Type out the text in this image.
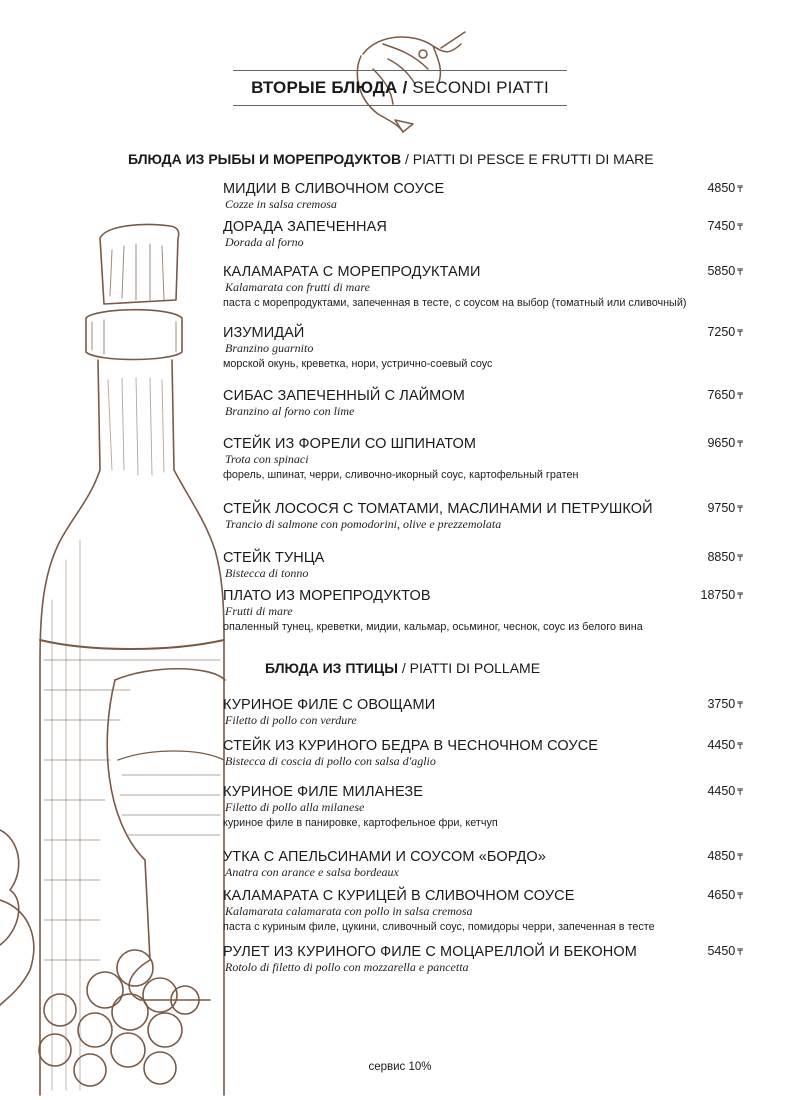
ВТОРЫЕ БЛЮДА / SECONDI PIATTI
БЛЮДА ИЗ РЫБЫ И МОРЕПРОДУКТОВ / PIATTI DI PESCE E FRUTTI DI MARE
МИДИИ В СЛИВОЧНОМ СОУСЕ	4850 ₸
Cozze in salsa cremosa
ДОРАДА ЗАПЕЧЕННАЯ	7450 ₸
Dorada al forno
КАЛАМАРАТА С МОРЕПРОДУКТАМИ	5850 ₸
Kalamarata con frutti di mare
паста с морепродуктами, запеченная в тесте, с соусом на выбор (томатный или сливочный)
ИЗУМИДАЙ	7250 ₸
Branzino guarnito
морской окунь, креветка, нори, устрично-соевый соус
СИБАС ЗАПЕЧЕННЫЙ С ЛАЙМОМ	7650 ₸
Branzino al forno con lime
СТЕЙК ИЗ ФОРЕЛИ СО ШПИНАТОМ	9650 ₸
Trota con spinaci
форель, шпинат, черри, сливочно-икорный соус, картофельный гратен
СТЕЙК ЛОСОСЯ С ТОМАТАМИ, МАСЛИНАМИ И ПЕТРУШКОЙ	9750 ₸
Trancio di salmone con pomodorini, olive e prezzemolata
СТЕЙК ТУНЦА	8850 ₸
Bistecca di tonno
ПЛАТО ИЗ МОРЕПРОДУКТОВ	18750 ₸
Frutti di mare
опаленный тунец, креветки, мидии, кальмар, осьминог, чеснок, соус из белого вина
БЛЮДА ИЗ ПТИЦЫ / PIATTI DI POLLAME
КУРИНОЕ ФИЛЕ С ОВОЩАМИ	3750 ₸
Filetto di pollo con verdure
СТЕЙК ИЗ КУРИНОГО БЕДРА В ЧЕСНОЧНОМ СОУСЕ	4450 ₸
Bistecca di coscia di pollo con salsa d'aglio
КУРИНОЕ ФИЛЕ МИЛАНЕЗЕ	4450 ₸
Filetto di pollo alla milanese
куриное филе в панировке, картофельное фри, кетчуп
УТКА С АПЕЛЬСИНАМИ И СОУСОМ «БОРДО»	4850 ₸
Anatra con arance e salsa bordeaux
КАЛАМАРАТА С КУРИЦЕЙ В СЛИВОЧНОМ СОУСЕ	4650 ₸
Kalamarata calamarata con pollo in salsa cremosa
паста с куриным филе, цукини, сливочный соус, помидоры черри, запеченная в тесте
РУЛЕТ ИЗ КУРИНОГО ФИЛЕ С МОЦАРЕЛЛОЙ И БЕКОНОМ	5450 ₸
Rotolo di filetto di pollo con mozzarella e pancetta
сервис 10%
